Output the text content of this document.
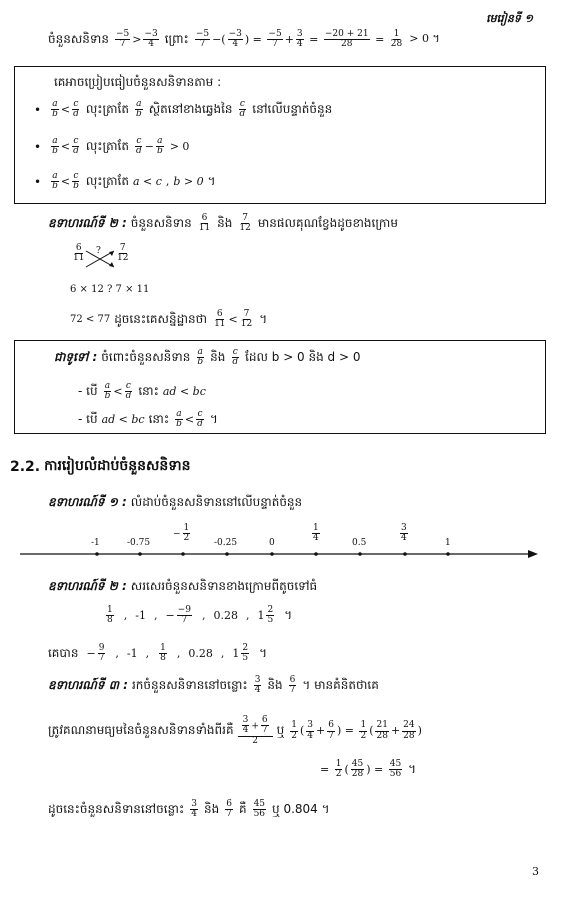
មេរៀនទី ១
ចំនួនសនិទាន $\frac{-5}{7} > \frac{-3}{4}$ ព្រោះ $\frac{-5}{7}$ −( $\frac{-3}{4}$ ) = $\frac{-5}{7} + \frac{3}{4} = \frac{-20 + 21}{28} = \frac{1}{28} > 0$ ។
គេអាចប្រៀបធៀបចំនួនសនិទានតាម :
• $\frac{a}{b} < \frac{c}{d}$ លុះត្រាតែ $\frac{a}{b}$ ស្ថិតនៅខាងឆ្វេងនៃ $\frac{c}{d}$ នៅលើបន្ទាត់ចំនួន
• $\frac{a}{b} < \frac{c}{d}$ លុះត្រាតែ $\frac{c}{d} - \frac{a}{b} > 0$
• $\frac{a}{b} < \frac{c}{b}$ លុះត្រាតែ a < c , b > 0 ។
ឧទាហរណ៍ទី ២ : ចំនួនសនិទាន $\frac{6}{11}$ និង $\frac{7}{12}$ មានផលគុណខ្វែងដូចខាងក្រោម
$\frac{6}{11}$ ? $\frac{7}{12}$
6 × 12 ? 7 × 11
72 < 77 ដូចនេះគេសន្និដ្ឋានថា $\frac{6}{11} < \frac{7}{12}$ ។
ជាទូទៅ : ចំពោះចំនួនសនិទាន $\frac{a}{b}$ និង $\frac{c}{d}$ ដែល b > 0 និង d > 0
- បើ $\frac{a}{b} < \frac{c}{d}$ នោះ ad < bc
- បើ ad < bc នោះ $\frac{a}{b} < \frac{c}{d}$ ។
2.2. ការរៀបលំដាប់ចំនួនសនិទាន
ឧទាហរណ៍ទី ១ : លំដាប់ចំនួនសនិទាននៅលើបន្ទាត់ចំនួន
-1	-0.75
− $\frac{1}{2}$	-0.25	0	$\frac{1}{4}$	0.5	$\frac{3}{4}$	1
ឧទាហរណ៍ទី ២ : សរសេរចំនួនសនិទានខាងក្រោមពីតូចទៅធំ
$\frac{1}{8}$ , -1 , − $\frac{-9}{7}$ , 0.28 , $1 \frac{2}{5}$ ។
គេបាន − $\frac{9}{7}$ , -1 , $\frac{1}{8}$ , 0.28 , $1 \frac{2}{5}$ ។
ឧទាហរណ៍ទី ៣ : រកចំនួនសនិទាននៅចន្លោះ $\frac{3}{4}$ និង $\frac{6}{7}$ ។ មានគំនិតថាគេ
ត្រូវគណនាមធ្យមនៃចំនួនសនិទានទាំងពីរគឺ $\frac{3}{4} + \frac{6}{7}$
2
ឬ $\frac{1}{2}$ ( $\frac{3}{4} + \frac{6}{7}$ ) = $\frac{1}{2}$ ( $\frac{21}{28} + \frac{24}{28}$ )
= $\frac{1}{2}$ ( $\frac{45}{28}$ ) = $\frac{45}{56}$ ។
ដូចនេះចំនួនសនិទាននៅចន្លោះ $\frac{3}{4}$ និង $\frac{6}{7}$ គឺ $\frac{45}{56}$ ឬ 0.804 ។
3
